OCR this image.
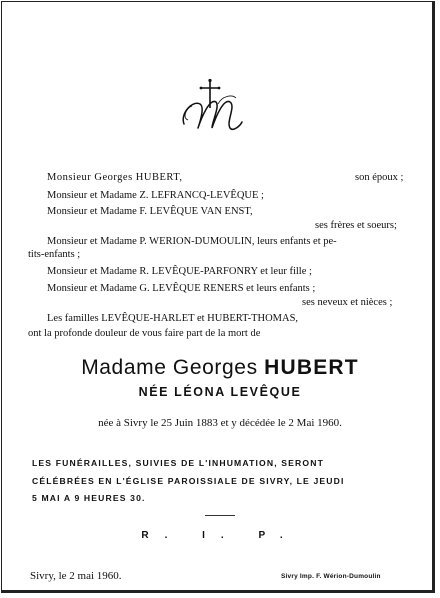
Monsieur Georges HUBERT,	son époux ;
Monsieur et Madame Z. LEFRANCQ-LEVÊQUE ;
Monsieur et Madame F. LEVÊQUE VAN ENST,
ses frères et soeurs;
Monsieur et Madame P. WERION-DUMOULIN, leurs enfants et pe-
tits-enfants ;
Monsieur et Madame R. LEVÊQUE-PARFONRY et leur fille ;
Monsieur et Madame G. LEVÊQUE RENERS et leurs enfants ;
ses neveux et nièces ;
Les familles LEVÊQUE-HARLET et HUBERT-THOMAS,
ont la profonde douleur de vous faire part de la mort de
Madame Georges HUBERT
NÉE LÉONA LEVÊQUE
née à Sivry le 25 Juin 1883 et y décédée le 2 Mai 1960.
LES FUNÉRAILLES, SUIVIES DE L'INHUMATION, SERONT
CÉLÉBRÉES EN L'ÉGLISE PAROISSIALE DE SIVRY, LE JEUDI
5 MAI A 9 HEURES 30.
R. I. P.
Sivry, le 2 mai 1960.	Sivry Imp. F. Wérion-Dumoulin
